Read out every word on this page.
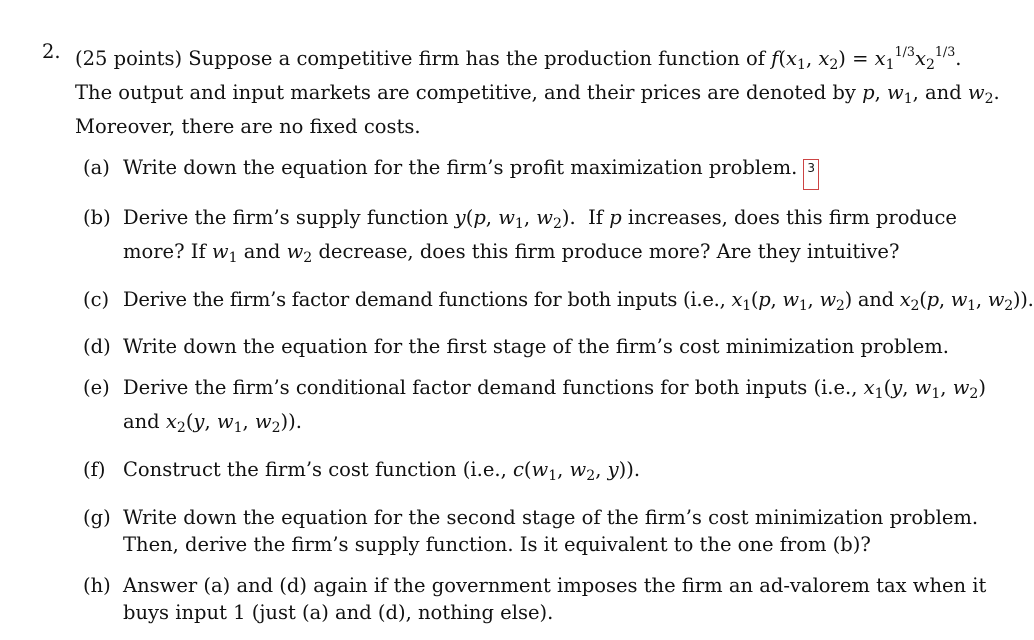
2. (25 points) Suppose a competitive firm has the production function of $f(x_1$, $x_2) = x_1^{1/3}x_2^{1/3}$.
The output and input markets are competitive, and their prices are denoted by p, $w_1$, and $w_2$.
Moreover, there are no fixed costs.
(a) Write down the equation for the firm’s profit maximization problem. 3
(b) Derive the firm’s supply function y(p, $w_1$, $w_2$).  If p increases, does this firm produce
more? If $w_1$ and $w_2$ decrease, does this firm produce more? Are they intuitive?
(c) Derive the firm’s factor demand functions for both inputs (i.e., $x_1(p$, $w_1$, $w_2$) and $x_2(p$, $w_1$, $w_2$)).
(d) Write down the equation for the first stage of the firm’s cost minimization problem.
(e) Derive the firm’s conditional factor demand functions for both inputs (i.e., $x_1(y$, $w_1$, $w_2$)
and $x_2(y$, $w_1$, $w_2$)).
(f) Construct the firm’s cost function (i.e., $c(w_1$, $w_2$, y)).
(g) Write down the equation for the second stage of the firm’s cost minimization problem.
Then, derive the firm’s supply function. Is it equivalent to the one from (b)?
(h) Answer (a) and (d) again if the government imposes the firm an ad-valorem tax when it
buys input 1 (just (a) and (d), nothing else).
